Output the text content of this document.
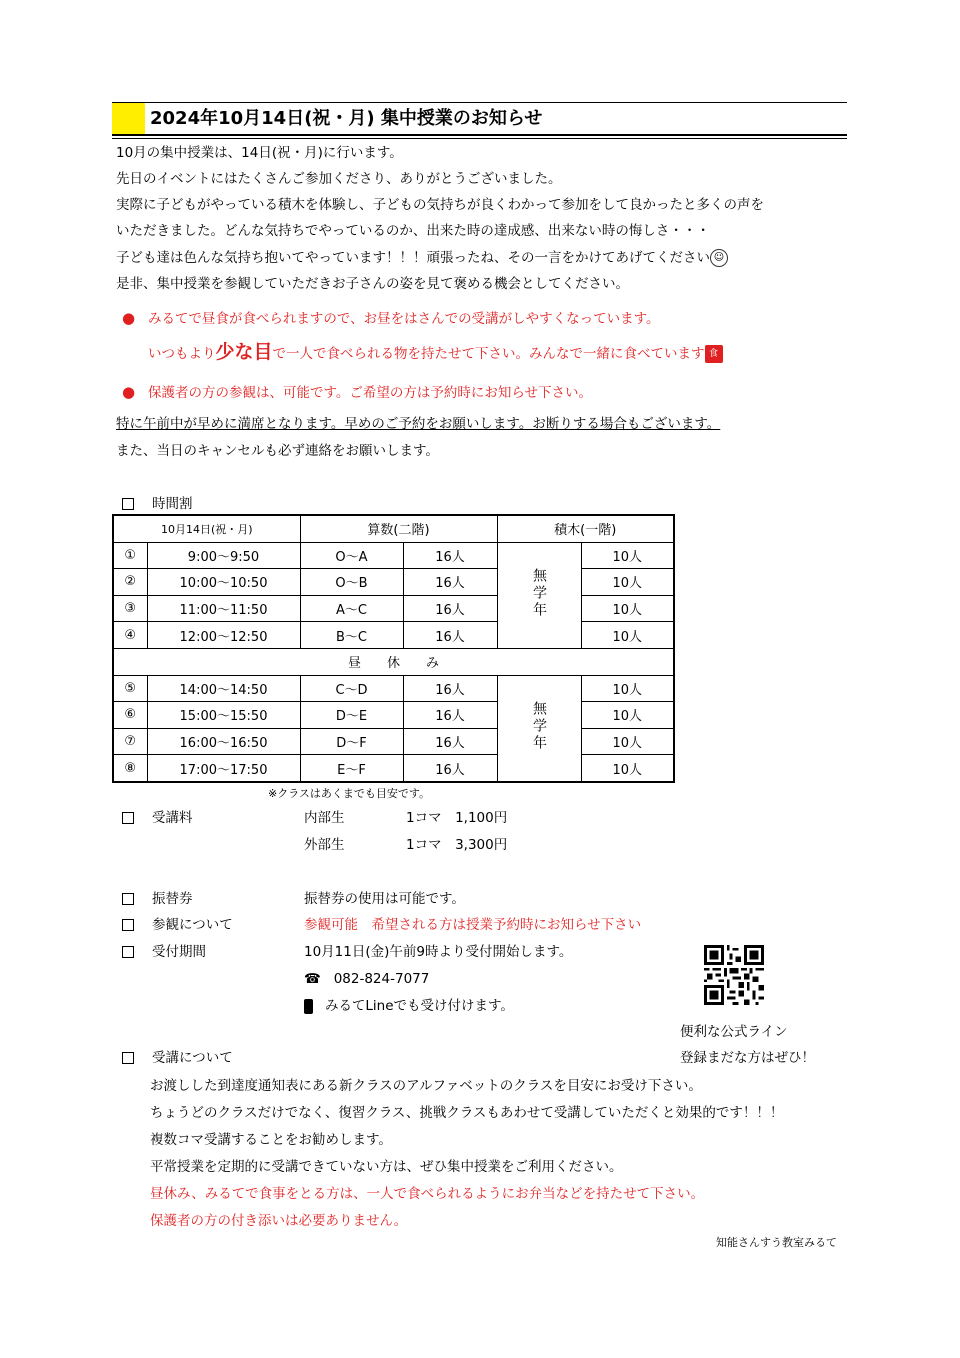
2024年10月14日(祝・月) 集中授業のお知らせ
10月の集中授業は、14日(祝・月)に行います。
先日のイベントにはたくさんご参加くださり、ありがとうございました。
実際に子どもがやっている積木を体験し、子どもの気持ちが良くわかって参加をして良かったと多くの声を
いただきました。どんな気持ちでやっているのか、出来た時の達成感、出来ない時の悔しさ・・・
子ども達は色んな気持ち抱いてやっています！！！頑張ったね、その一言をかけてあげてください ☺
是非、集中授業を参観していただきお子さんの姿を見て褒める機会としてください。
● みるてで昼食が食べられますので、お昼をはさんでの受講がしやすくなっています。
いつもより少な目で一人で食べられる物を持たせて下さい。みんなで一緒に食べています 食
● 保護者の方の参観は、可能です。ご希望の方は予約時にお知らせ下さい。
特に午前中が早めに満席となります。早めのご予約をお願いします。お断りする場合もございます。
また、当日のキャンセルも必ず連絡をお願いします。
時間割
10月14日(祝・月)		算数(二階)		積木(一階)	
①	9:00～9:50	O～A	16人	無学年	10人
②	10:00～10:50	O～B	16人		10人
③	11:00～11:50	A～C	16人		10人
④	12:00～12:50	B～C	16人		10人
昼　　休　　み					
⑤	14:00～14:50	C～D	16人	無学年	10人
⑥	15:00～15:50	D～E	16人		10人
⑦	16:00～16:50	D～F	16人		10人
⑧	17:00～17:50	E～F	16人		10人
※クラスはあくまでも目安です。
受講料	内部生	1コマ　1,100円
外部生	1コマ　3,300円
振替券	振替券の使用は可能です。
参観について	参観可能　希望される方は授業予約時にお知らせ下さい
受付期間	10月11日(金)午前9時より受付開始します。
☎ 082-824-7077
みるてLineでも受け付けます。
便利な公式ライン
登録まだな方はぜひ！
受講について
お渡しした到達度通知表にある新クラスのアルファベットのクラスを目安にお受け下さい。
ちょうどのクラスだけでなく、復習クラス、挑戦クラスもあわせて受講していただくと効果的です！！！
複数コマ受講することをお勧めします。
平常授業を定期的に受講できていない方は、ぜひ集中授業をご利用ください。
昼休み、みるてで食事をとる方は、一人で食べられるようにお弁当などを持たせて下さい。
保護者の方の付き添いは必要ありません。
知能さんすう教室みるて
